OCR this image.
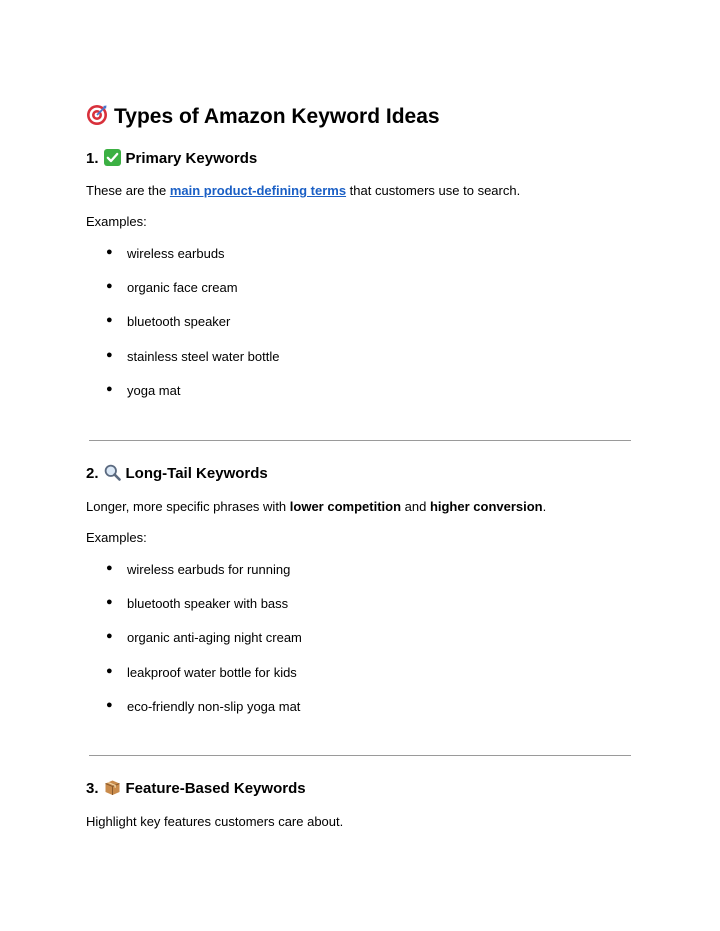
Types of Amazon Keyword Ideas
1. Primary Keywords

These are the main product-defining terms that customers use to search.

Examples:

● wireless earbuds
● organic face cream
● bluetooth speaker
● stainless steel water bottle
● yoga mat
2. Long-Tail Keywords

Longer, more specific phrases with lower competition and higher conversion.

Examples:

● wireless earbuds for running
● bluetooth speaker with bass
● organic anti-aging night cream
● leakproof water bottle for kids
● eco-friendly non-slip yoga mat
3. Feature-Based Keywords

Highlight key features customers care about.
